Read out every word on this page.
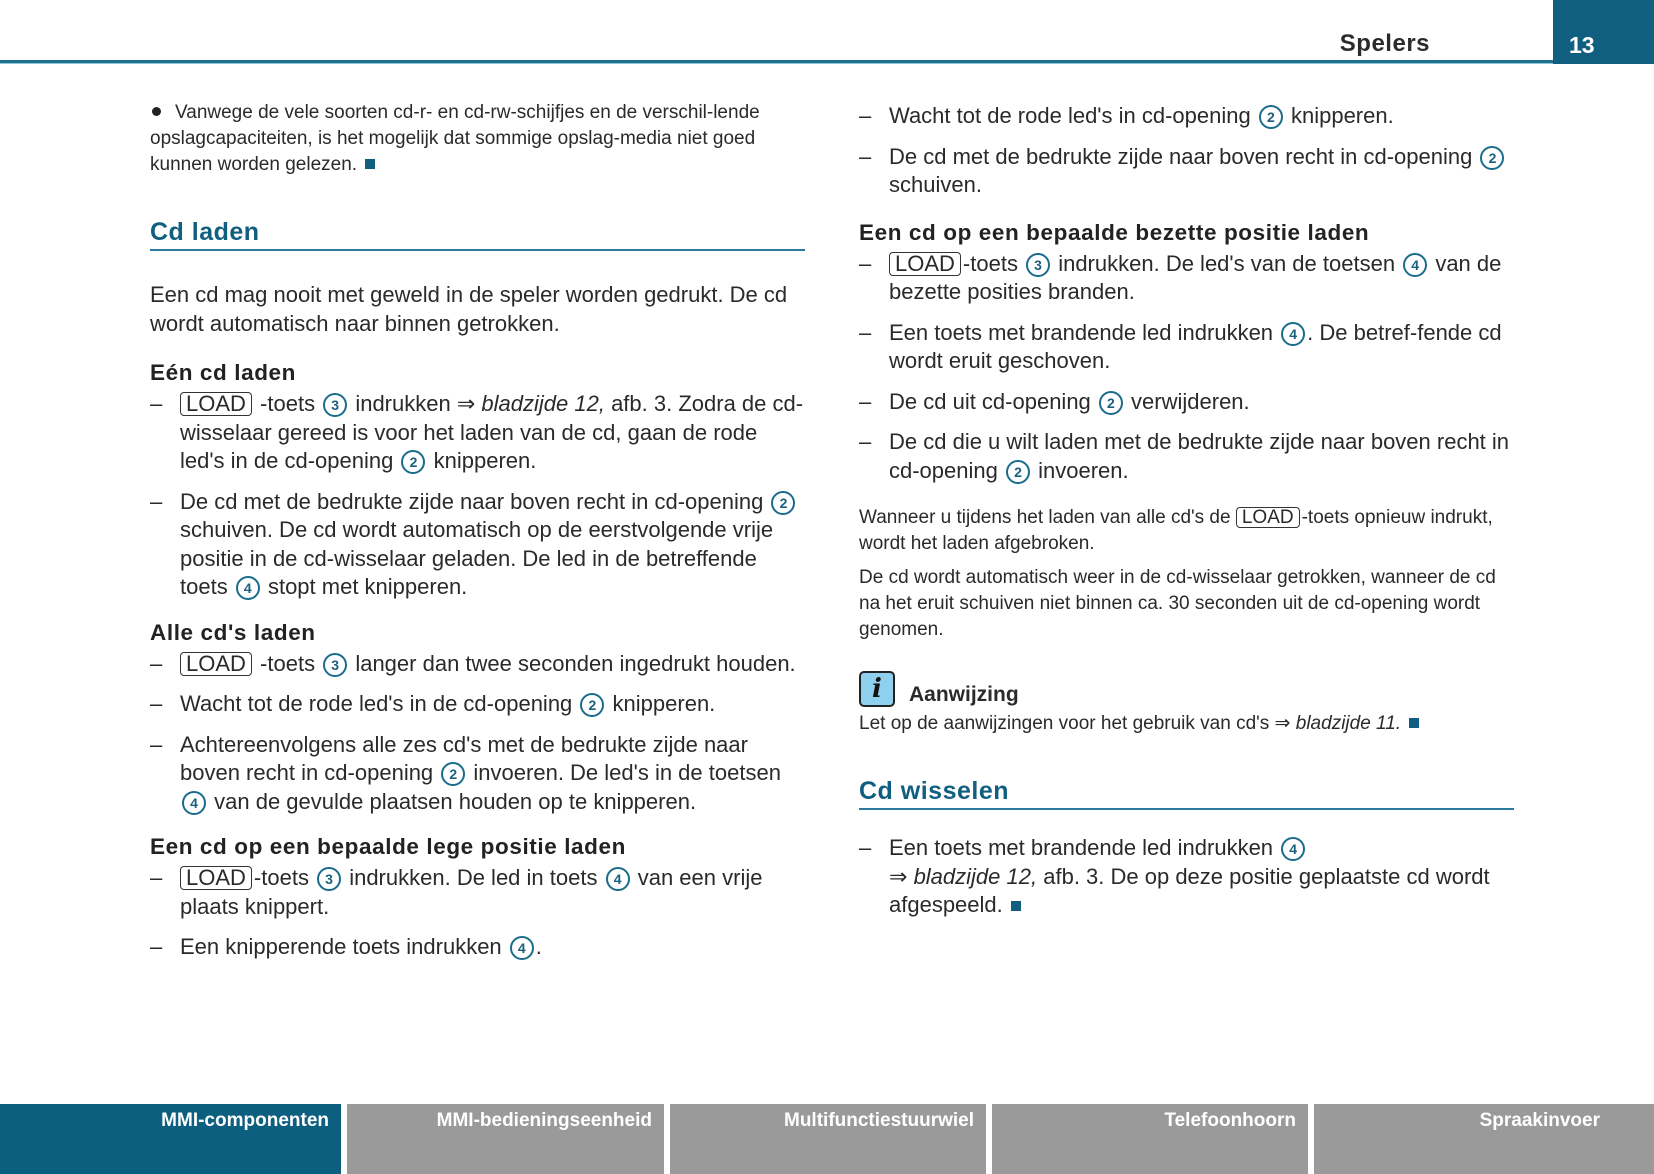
Spelers	13

Vanwege de vele soorten cd-r- en cd-rw-schijfjes en de verschil-lende opslagcapaciteiten, is het mogelijk dat sommige opslag-media niet goed kunnen worden gelezen.

Cd laden

Een cd mag nooit met geweld in de speler worden gedrukt. De cd wordt automatisch naar binnen getrokken.

Eén cd laden
–	LOAD -toets 3 indrukken ⇒ bladzijde 12, afb. 3. Zodra de cd-wisselaar gereed is voor het laden van de cd, gaan de rode led's in de cd-opening 2 knipperen.
– De cd met de bedrukte zijde naar boven recht in cd-opening 2 schuiven. De cd wordt automatisch op de eerstvolgende vrije positie in de cd-wisselaar geladen. De led in de betreffende toets 4 stopt met knipperen.
Alle cd's laden
–	LOAD -toets 3 langer dan twee seconden ingedrukt houden.
– Wacht tot de rode led's in de cd-opening 2 knipperen.
– Achtereenvolgens alle zes cd's met de bedrukte zijde naar boven recht in cd-opening 2 invoeren. De led's in de toetsen 4 van de gevulde plaatsen houden op te knipperen.
Een cd op een bepaalde lege positie laden
–	LOAD -toets 3 indrukken. De led in toets 4 van een vrije plaats knippert.
– Een knipperende toets indrukken 4 .
– Wacht tot de rode led's in cd-opening 2 knipperen.
– De cd met de bedrukte zijde naar boven recht in cd-opening 2 schuiven.
Een cd op een bepaalde bezette positie laden
–	LOAD -toets 3 indrukken. De led's van de toetsen 4 van de bezette posities branden.
– Een toets met brandende led indrukken 4 . De betref-fende cd wordt eruit geschoven.
– De cd uit cd-opening 2 verwijderen.
– De cd die u wilt laden met de bedrukte zijde naar boven recht in cd-opening 2 invoeren.

Wanneer u tijdens het laden van alle cd's de LOAD -toets opnieuw indrukt, wordt het laden afgebroken.

De cd wordt automatisch weer in de cd-wisselaar getrokken, wanneer de cd na het eruit schuiven niet binnen ca. 30 seconden uit de cd-opening wordt genomen.

i	Aanwijzing

Let op de aanwijzingen voor het gebruik van cd's ⇒ bladzijde 11.

Cd wisselen
– Een toets met brandende led indrukken 4
⇒ bladzijde 12, afb. 3. De op deze positie geplaatste cd wordt afgespeeld.
MMI-componenten	MMI-bedieningseenheid	Multifunctiestuurwiel	Telefoonhoorn	Spraakinvoer
